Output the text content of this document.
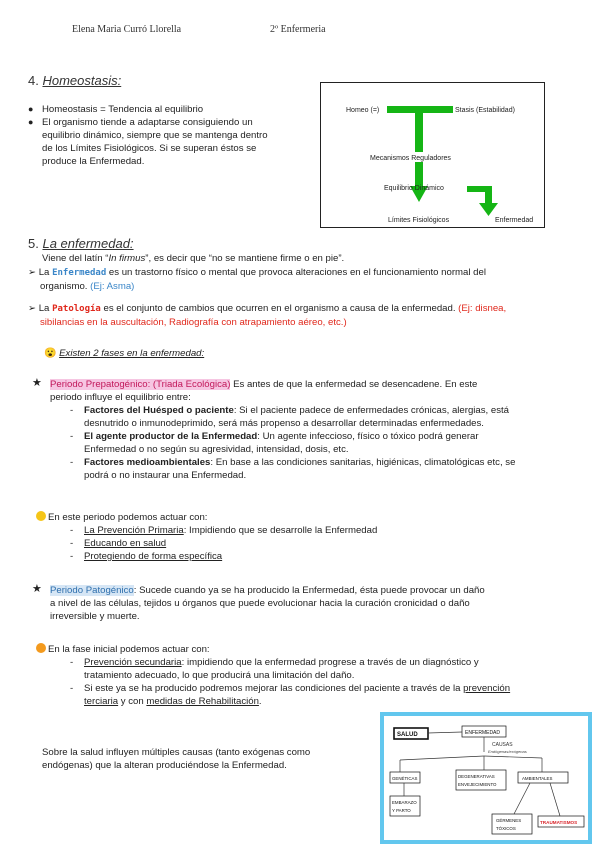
Elena Maria Curró Llorella	2º Enfermeria
4. Homeostasis:
● Homeostasis = Tendencia al equilibrio
● El organismo tiende a adaptarse consiguiendo un
equilibrio dinámico, siempre que se mantenga dentro
de los Límites Fisiológicos. Si se superan éstos se
produce la Enfermedad.
Homeo (=)	Stasis (Estabilidad)
Mecanismos Reguladores
Equilibrio Dinámico
Límites Fisiológicos	Enfermedad
5. La enfermedad:
Viene del latín “In firmus”, es decir que “no se mantiene firme o en pie”.
➢ La Enfermedad es un trastorno físico o mental que provoca alteraciones en el funcionamiento normal del
organismo. (Ej: Asma)
➢ La Patología es el conjunto de cambios que ocurren en el organismo a causa de la enfermedad. (Ej: disnea,
sibilancias en la auscultación, Radiografía con atrapamiento aéreo, etc.)
😮 Existen 2 fases en la enfermedad:
★ Periodo Prepatogénico: (Triada Ecológica) Es antes de que la enfermedad se desencadene. En este
periodo influye el equilibrio entre:
- Factores del Huésped o paciente: Si el paciente padece de enfermedades crónicas, alergias, está
desnutrido o inmunodeprimido, será más propenso a desarrollar determinadas enfermedades.
- El agente productor de la Enfermedad: Un agente infeccioso, físico o tóxico podrá generar
Enfermedad o no según su agresividad, intensidad, dosis, etc.
- Factores medioambientales: En base a las condiciones sanitarias, higiénicas, climatológicas etc, se
podrá o no instaurar una Enfermedad.
En este periodo podemos actuar con:
- La Prevención Primaria: Impidiendo que se desarrolle la Enfermedad
- Educando en salud
- Protegiendo de forma específica
★ Periodo Patogénico: Sucede cuando ya se ha producido la Enfermedad, ésta puede provocar un daño
a nivel de las células, tejidos u órganos que puede evolucionar hacia la curación cronicidad o daño
irreversible y muerte.
En la fase inicial podemos actuar con:
- Prevención secundaria: impidiendo que la enfermedad progrese a través de un diagnóstico y
tratamiento adecuado, lo que producirá una limitación del daño.
- Si este ya se ha producido podremos mejorar las condiciones del paciente a través de la prevención
terciaria y con medidas de Rehabilitación.
Sobre la salud influyen múltiples causas (tanto exógenas como
endógenas) que la alteran produciéndose la Enfermedad.
SALUD	ENFERMEDAD
CAUSAS
Endógenas/exógenas
GENÉTICAS	DEGENERATIVAS
ENVEJECIMIENTO
AMBIENTALES
EMBARAZO
Y PARTO
GÉRMENES
TÓXICOS
TRAUMATISMOS
